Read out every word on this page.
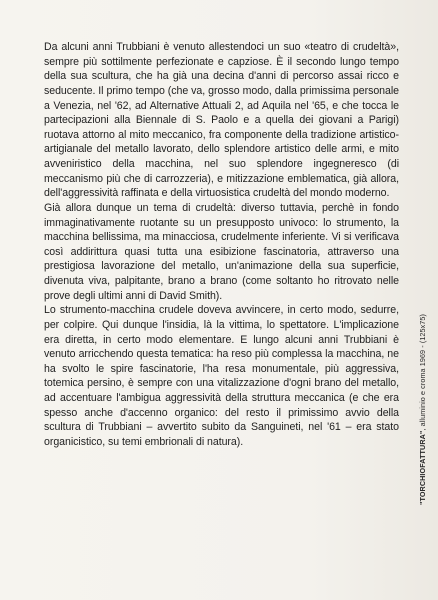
Da alcuni anni Trubbiani è venuto allestendoci un suo «teatro di crudeltà», sempre più sottilmente perfezionate e capziose. È il secondo lungo tempo della sua scultura, che ha già una decina d'anni di percorso assai ricco e seducente. Il primo tempo (che va, grosso modo, dalla primissima personale a Venezia, nel '62, ad Alternative Attuali 2, ad Aquila nel '65, e che tocca le partecipazioni alla Biennale di S. Paolo e a quella dei giovani a Parigi) ruotava attorno al mito meccanico, fra componente della tradizione artistico-artigianale del metallo lavorato, dello splendore artistico delle armi, e mito avveniristico della macchina, nel suo splendore ingegneresco (di meccanismo più che di carrozzeria), e mitizzazione emblematica, già allora, dell'aggressività raffinata e della virtuosistica crudeltà del mondo moderno.

Già allora dunque un tema di crudeltà: diverso tuttavia, perchè in fondo immaginativamente ruotante su un presupposto univoco: lo strumento, la macchina bellissima, ma minacciosa, crudelmente inferiente. Vi si verificava così addirittura quasi tutta una esibizione fascinatoria, attraverso una prestigiosa lavorazione del metallo, un'animazione della sua superficie, divenuta viva, palpitante, brano a brano (come soltanto ho ritrovato nelle prove degli ultimi anni di David Smith).

Lo strumento-macchina crudele doveva avvincere, in certo modo, sedurre, per colpire. Qui dunque l'insidia, là la vittima, lo spettatore. L'implicazione era diretta, in certo modo elementare. E lungo alcuni anni Trubbiani è venuto arricchendo questa tematica: ha reso più complessa la macchina, ne ha svolto le spire fascinatorie, l'ha resa monumentale, più aggressiva, totemica persino, è sempre con una vitalizzazione d'ogni brano del metallo, ad accentuare l'ambigua aggressività della struttura meccanica (e che era spesso anche d'accenno organico: del resto il primissimo avvio della scultura di Trubbiani – avvertito subito da Sanguineti, nel '61 – era stato organicistico, su temi embrionali di natura).	"TORCHIOFATTURA", alluminio e croma 1969 - (125x75)
